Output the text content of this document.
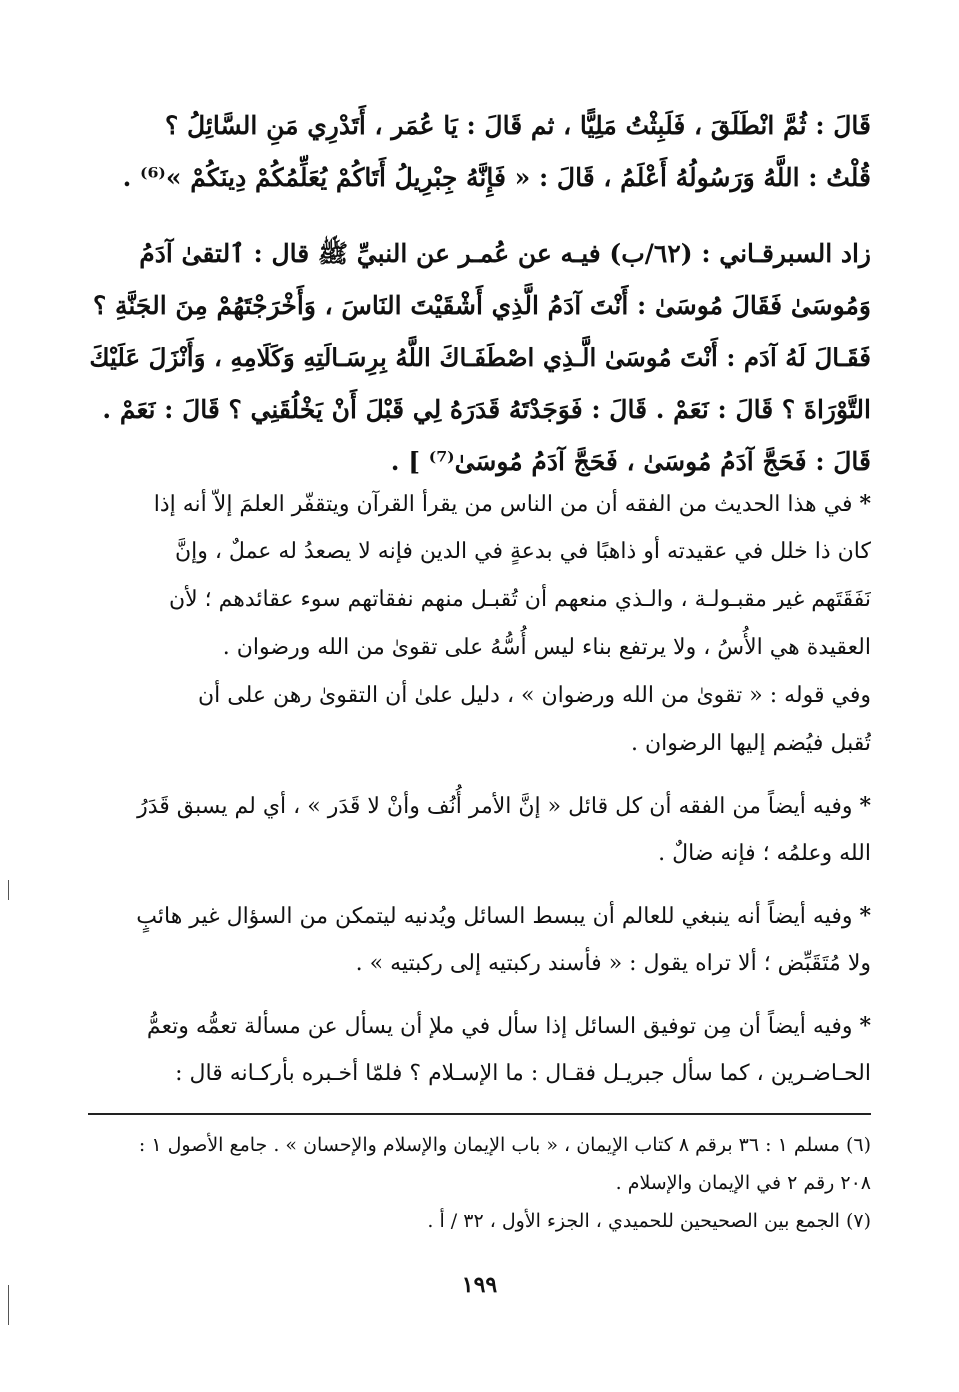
قَالَ : ثُمَّ انْطَلَقَ ، فَلَبِثْتُ مَلِيًّا ، ثم قَالَ : يَا عُمَر ، أَتَدْرِي مَنِ السَّائِلُ ؟
قُلْتُ : اللَّهُ وَرَسُولُهُ أَعْلَمُ ، قَالَ : « فَإِنَّهُ جِبْرِيلُ أَتَاكُمْ يُعَلِّمُكُمْ دِينَكُمْ »⁽⁶⁾ .
زاد السبرقـاني : (٦٢/ب) فيـه عن عُمـر عن النبيِّ ﷺ قال : ٱلتقىٰ آدَمُ
وَمُوسَىٰ فَقَالَ مُوسَىٰ : أَنْتَ آدَمُ الَّذِي أَشْقَيْتَ النَاسَ ، وَأَخْرَجْتَهُمْ مِنَ الجَنَّةِ ؟
فَقَـالَ لَهُ آدَم : أَنْتَ مُوسَىٰ الَّـذِي اصْطَفَـاكَ اللَّهُ بِرِسَـالَتِهِ وَكَلَامِهِ ، وَأَنْزَلَ عَلَيْكَ
التَّوْرَاةَ ؟ قَالَ : نَعَمْ . قَالَ : فَوَجَدْتَهُ قَدَرَهُ لِي قَبْلَ أَنْ يَخْلُقَنِي ؟ قَالَ : نَعَمْ .
قَالَ : فَحَجَّ آدَمُ مُوسَىٰ ، فَحَجَّ آدَمُ مُوسَىٰ⁽⁷⁾ ] .
* في هذا الحديث من الفقه أن من الناس من يقرأ القرآن ويتقفّر العلمَ إلاّ أنه إذا
كان ذا خلل في عقيدته أو ذاهبًا في بدعةٍ في الدين فإنه لا يصعدُ له عملٌ ، وإنَّ
نَفَقَتَهم غير مقبـولـة ، والـذي منعهم أن تُقبـل منهم نفقاتهم سوء عقائدهم ؛ لأن
العقيدة هي الأُسُ ، ولا يرتفع بناء ليس أُسُّهُ على تقوىٰ من الله ورضوان .
وفي قوله : « تقوىٰ من الله ورضوان » ، دليل علىٰ أن التقوىٰ رهن على أن
تُقبل فيُضم إليها الرضوان .
* وفيه أيضاً من الفقه أن كل قائل « إنَّ الأمر أُنُف وأنْ لا قَدَر » ، أي لم يسبق قَدَرُ
الله وعلمُه ؛ فإنه ضالٌ .
* وفيه أيضاً أنه ينبغي للعالم أن يبسط السائل ويُدنيه ليتمكن من السؤال غير هائبٍ
ولا مُتَقَبِّض ؛ ألا تراه يقول : « فأسند ركبتيه إلى ركبتيه » .
* وفيه أيضاً أن مِن توفيق السائل إذا سأل في ملإ أن يسأل عن مسألة تعمُّه وتعمُّ
الحـاضـرين ، كما سأل جبريـل فقـال : ما الإسـلام ؟ فلمّا أخـبره بأركـانه قال :
(٦) مسلم ١ : ٣٦ برقم ٨ كتاب الإيمان ، « باب الإيمان والإسلام والإحسان » . جامع الأصول ١ :
٢٠٨ رقم ٢ في الإيمان والإسلام .
(٧) الجمع بين الصحيحين للحميدي ، الجزء الأول ، ٣٢ / أ .
١٩٩
